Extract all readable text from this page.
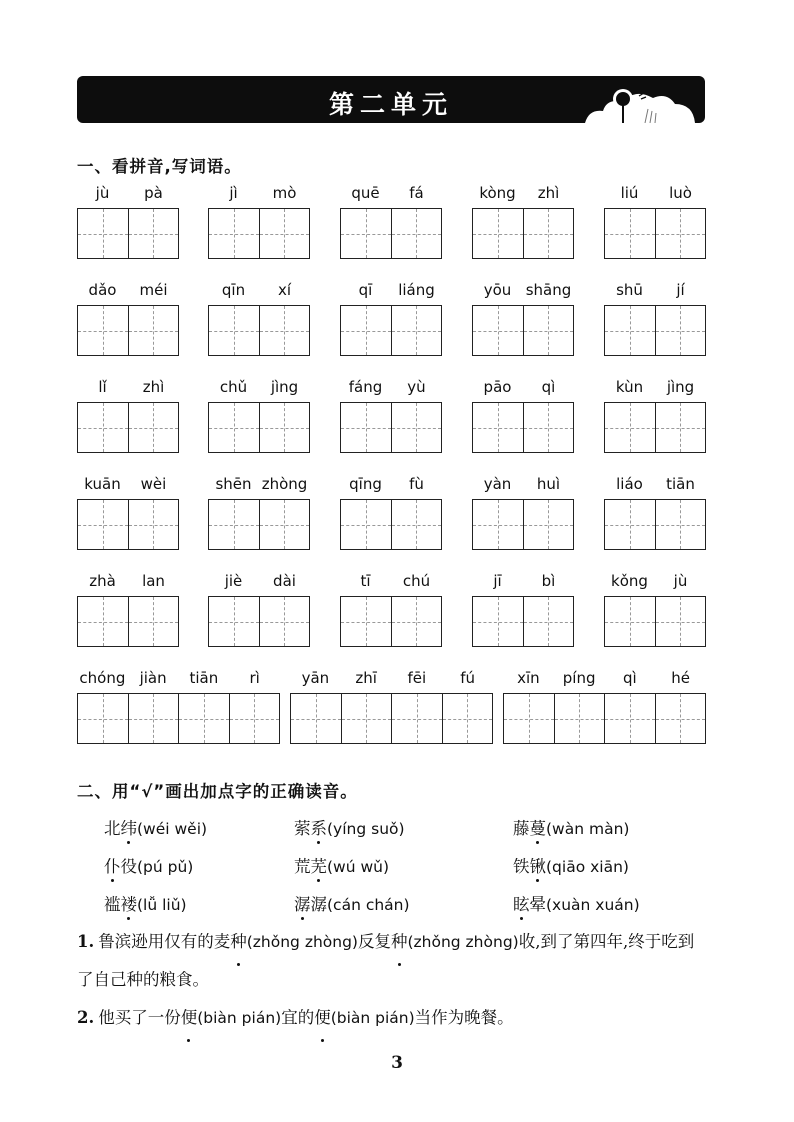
第二单元
一、看拼音,写词语。
jù	pà	jì	mò	quē	fá	kòng	zhì	liú	luò
dǎo	méi	qīn	xí	qī	liáng	yōu shāng	shū	jí
lǐ	zhì	chǔ	jìng	fáng	yù	pāo	qì	kùn	jìng
kuān	wèi	shēn zhòng	qīng	fù	yàn	huì	liáo	tiān
zhà	lan	jiè	dài	tī	chú	jī	bì	kǒng	jù
chóng jiàn	tiān	rì	yān	zhī	fēi	fú	xīn	píng	qì	hé
二、用“√”画出加点字的正确读音。
北纬(wéi wěi)	萦系(yíng suǒ)	藤蔓(wàn màn)
仆役(pú pǔ)	荒芜(wú wǔ)	铁锹(qiāo xiān)
褴褛(lǚ liǔ)	潺潺(cán chán)	眩晕(xuàn xuán)
1. 鲁滨逊用仅有的麦种(zhǒng zhòng)反复种(zhǒng zhòng)收,到了第四年,终于吃到了自己种的粮食。
2. 他买了一份便(biàn pián)宜的便(biàn pián)当作为晚餐。
3
